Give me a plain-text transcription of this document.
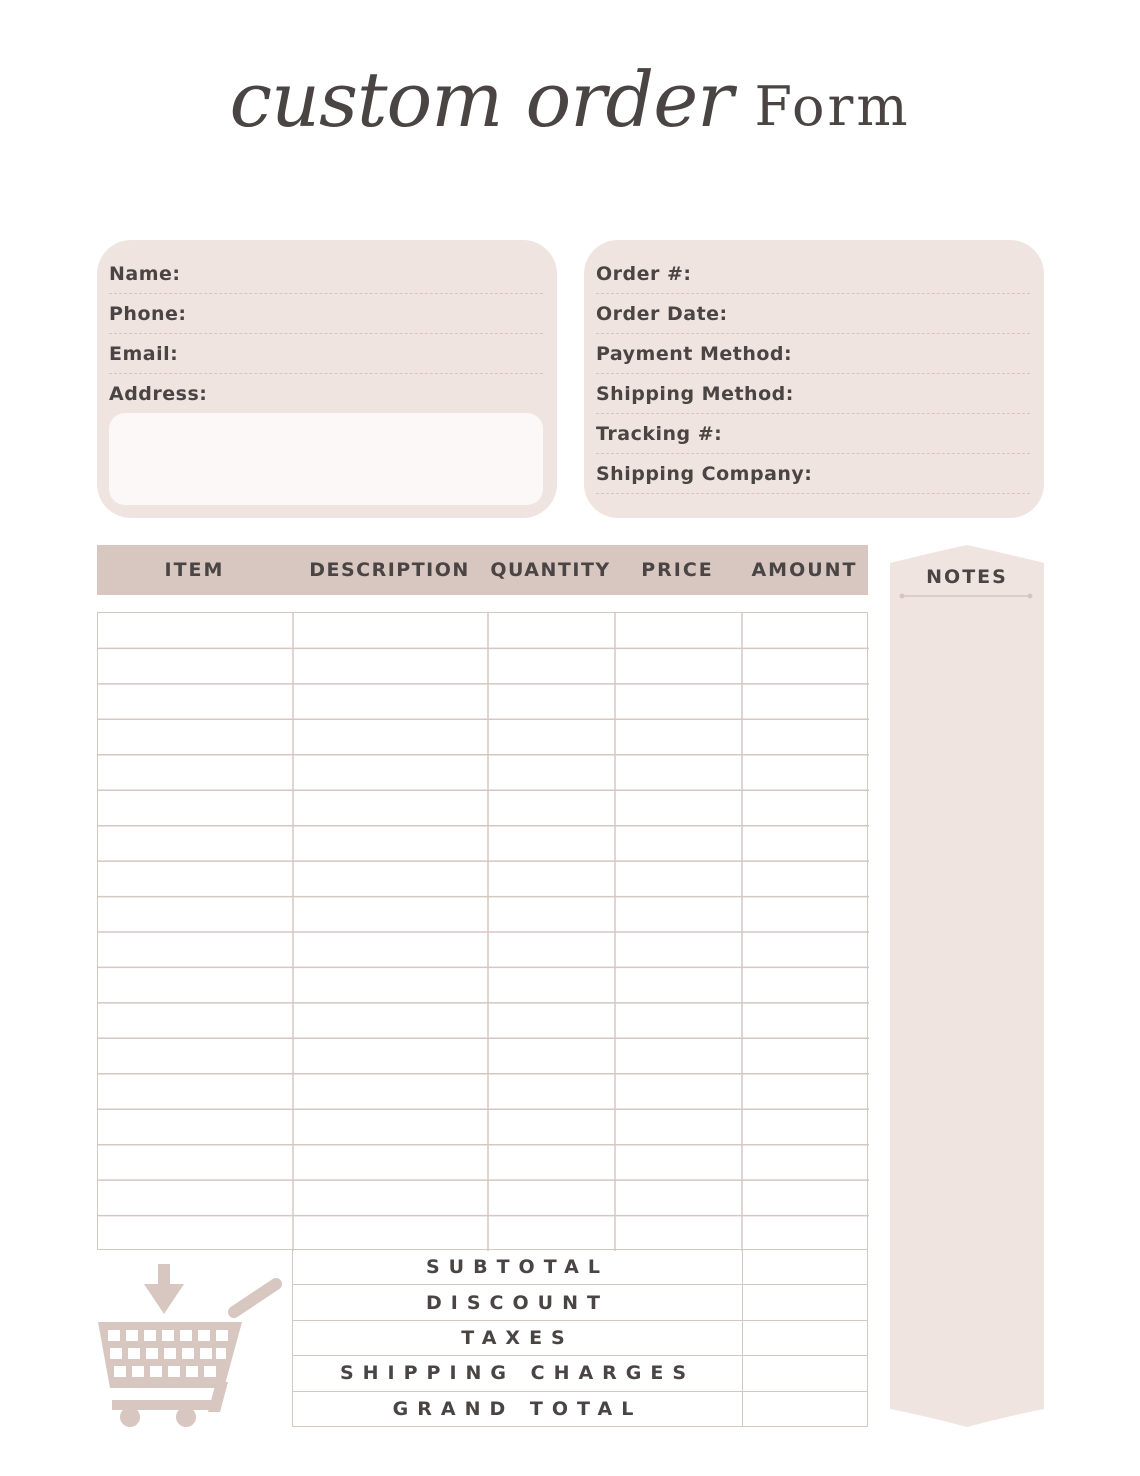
custom order Form
Name:
Phone:
Email:
Address:
Order #:
Order Date:
Payment Method:
Shipping Method:
Tracking #:
Shipping Company:
ITEM	DESCRIPTION	QUANTITY	PRICE	AMOUNT
SUBTOTAL
DISCOUNT
TAXES
SHIPPING CHARGES
GRAND TOTAL
NOTES
